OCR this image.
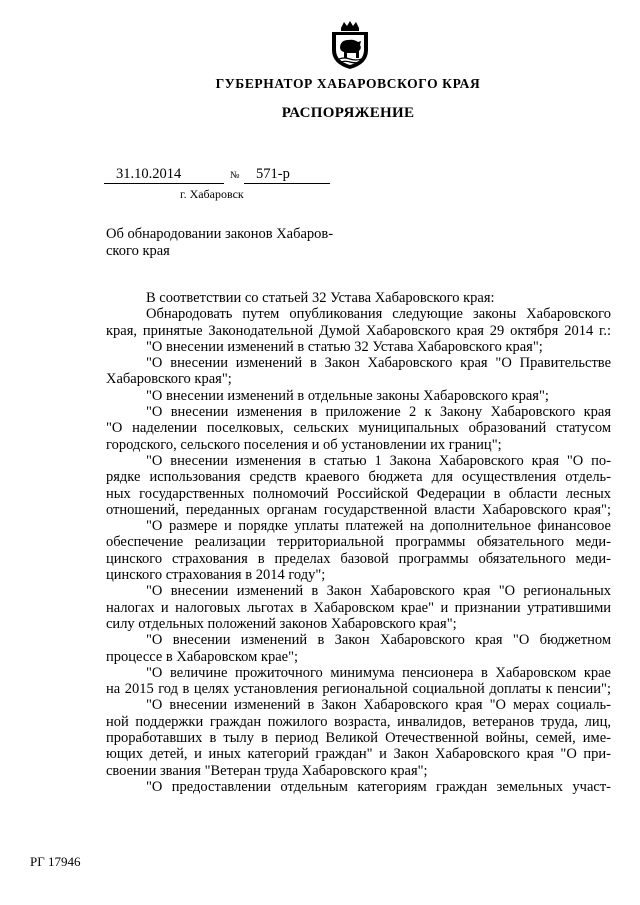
ГУБЕРНАТОР ХАБАРОВСКОГО КРАЯ
РАСПОРЯЖЕНИЕ
31.10.2014	№ 571-р
г. Хабаровск
Об обнародовании законов Хабаров-
ского края
В соответствии со статьей 32 Устава Хабаровского края:
Обнародовать путем опубликования следующие законы Хабаровского
края, принятые Законодательной Думой Хабаровского края 29 октября 2014 г.:
"О внесении изменений в статью 32 Устава Хабаровского края";
"О внесении изменений в Закон Хабаровского края "О Правительстве
Хабаровского края";
"О внесении изменений в отдельные законы Хабаровского края";
"О внесении изменения в приложение 2 к Закону Хабаровского края
"О наделении поселковых, сельских муниципальных образований статусом
городского, сельского поселения и об установлении их границ";
"О внесении изменения в статью 1 Закона Хабаровского края "О по-
рядке использования средств краевого бюджета для осуществления отдель-
ных государственных полномочий Российской Федерации в области лесных
отношений, переданных органам государственной власти Хабаровского края";
"О размере и порядке уплаты платежей на дополнительное финансовое
обеспечение реализации территориальной программы обязательного меди-
цинского страхования в пределах базовой программы обязательного меди-
цинского страхования в 2014 году";
"О внесении изменений в Закон Хабаровского края "О региональных
налогах и налоговых льготах в Хабаровском крае" и признании утратившими
силу отдельных положений законов Хабаровского края";
"О внесении изменений в Закон Хабаровского края "О бюджетном
процессе в Хабаровском крае";
"О величине прожиточного минимума пенсионера в Хабаровском крае
на 2015 год в целях установления региональной социальной доплаты к пенсии";
"О внесении изменений в Закон Хабаровского края "О мерах социаль-
ной поддержки граждан пожилого возраста, инвалидов, ветеранов труда, лиц,
проработавших в тылу в период Великой Отечественной войны, семей, име-
ющих детей, и иных категорий граждан" и Закон Хабаровского края "О при-
своении звания "Ветеран труда Хабаровского края";
"О предоставлении отдельным категориям граждан земельных участ-
РГ 17946
